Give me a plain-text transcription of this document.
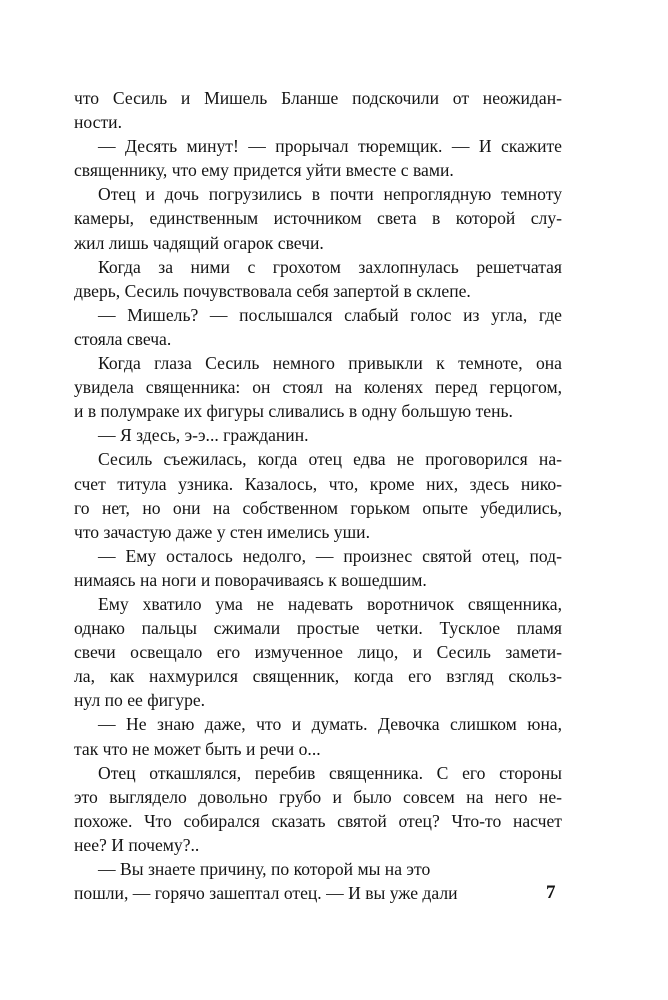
что Сесиль и Мишель Бланше подскочили от неожидан-
ности.
— Десять минут! — прорычал тюремщик. — И скажите
священнику, что ему придется уйти вместе с вами.
Отец и дочь погрузились в почти непроглядную темноту
камеры, единственным источником света в которой слу-
жил лишь чадящий огарок свечи.
Когда за ними с грохотом захлопнулась решетчатая
дверь, Сесиль почувствовала себя запертой в склепе.
— Мишель? — послышался слабый голос из угла, где
стояла свеча.
Когда глаза Сесиль немного привыкли к темноте, она
увидела священника: он стоял на коленях перед герцогом,
и в полумраке их фигуры сливались в одну большую тень.
— Я здесь, э-э... гражданин.
Сесиль съежилась, когда отец едва не проговорился на-
счет титула узника. Казалось, что, кроме них, здесь нико-
го нет, но они на собственном горьком опыте убедились,
что зачастую даже у стен имелись уши.
— Ему осталось недолго, — произнес святой отец, под-
нимаясь на ноги и поворачиваясь к вошедшим.
Ему хватило ума не надевать воротничок священника,
однако пальцы сжимали простые четки. Тусклое пламя
свечи освещало его измученное лицо, и Сесиль замети-
ла, как нахмурился священник, когда его взгляд скольз-
нул по ее фигуре.
— Не знаю даже, что и думать. Девочка слишком юна,
так что не может быть и речи о...
Отец откашлялся, перебив священника. С его стороны
это выглядело довольно грубо и было совсем на него не-
похоже. Что собирался сказать святой отец? Что-то насчет
нее? И почему?..
— Вы знаете причину, по которой мы на это
пошли, — горячо зашептал отец. — И вы уже дали	7
